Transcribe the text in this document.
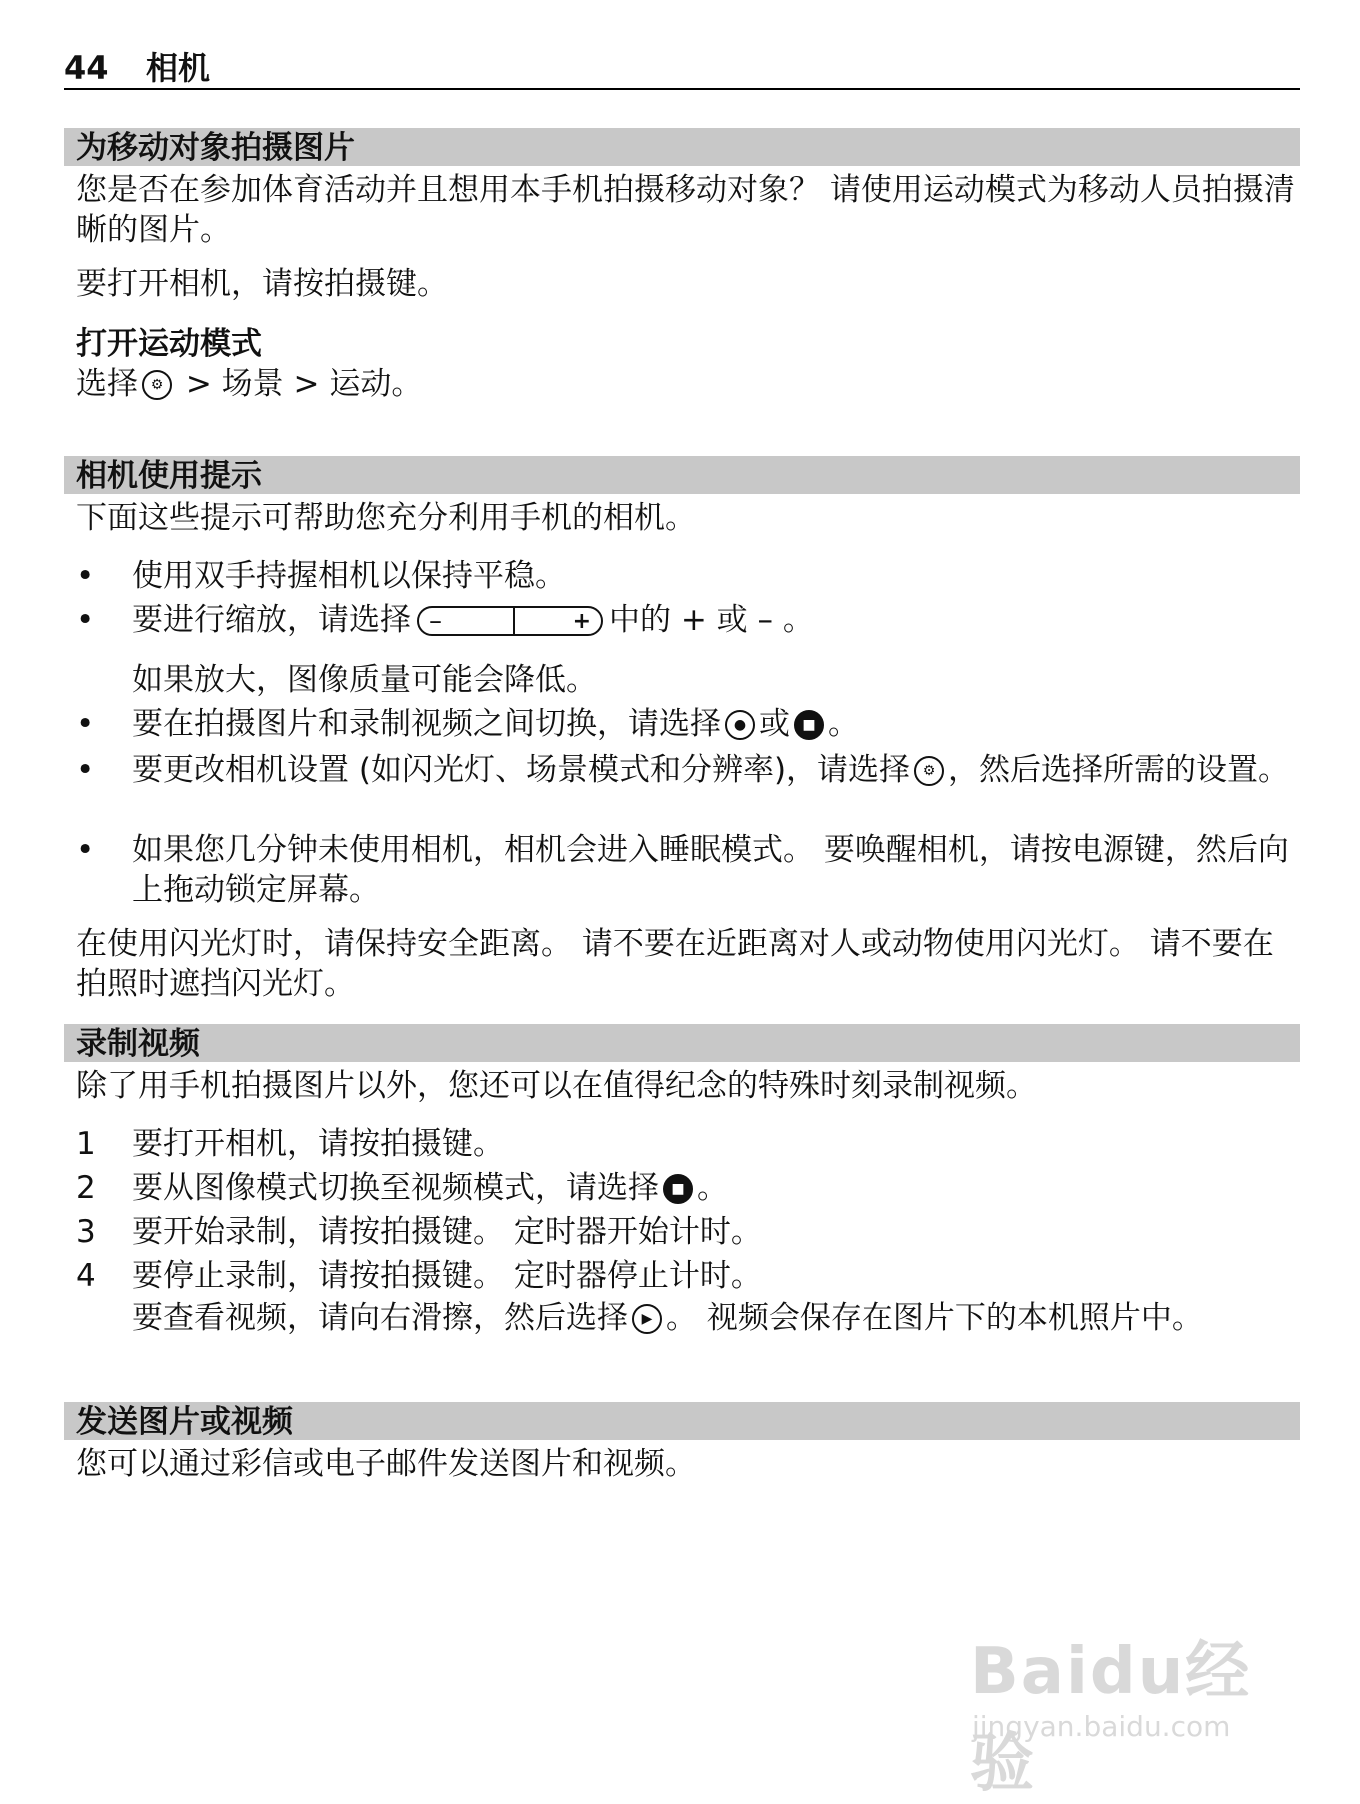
44 相机
为移动对象拍摄图片
您是否在参加体育活动并且想用本手机拍摄移动对象？ 请使用运动模式为移动人员拍摄清晰的图片。
要打开相机，请按拍摄键。
打开运动模式
选择 ⚙ > 场景 > 运动。
相机使用提示
下面这些提示可帮助您充分利用手机的相机。
•	使用双手持握相机以保持平稳。
•	要进行缩放，请选择 –	+ 中的 + 或 – 。
如果放大，图像质量可能会降低。
•	要在拍摄图片和录制视频之间切换，请选择 ● 或 ■ 。
•	要更改相机设置 (如闪光灯、场景模式和分辨率)，请选择 ⚙ ，然后选择所需的设置。
•	如果您几分钟未使用相机，相机会进入睡眠模式。 要唤醒相机，请按电源键，然后向上拖动锁定屏幕。
在使用闪光灯时，请保持安全距离。 请不要在近距离对人或动物使用闪光灯。 请不要在拍照时遮挡闪光灯。
录制视频
除了用手机拍摄图片以外，您还可以在值得纪念的特殊时刻录制视频。
1	要打开相机，请按拍摄键。
2	要从图像模式切换至视频模式，请选择 ■ 。
3	要开始录制，请按拍摄键。 定时器开始计时。
4	要停止录制，请按拍摄键。 定时器停止计时。
要查看视频，请向右滑擦，然后选择 ▶ 。 视频会保存在图片下的本机照片中。
发送图片或视频
您可以通过彩信或电子邮件发送图片和视频。
Baidu经验
jingyan.baidu.com
